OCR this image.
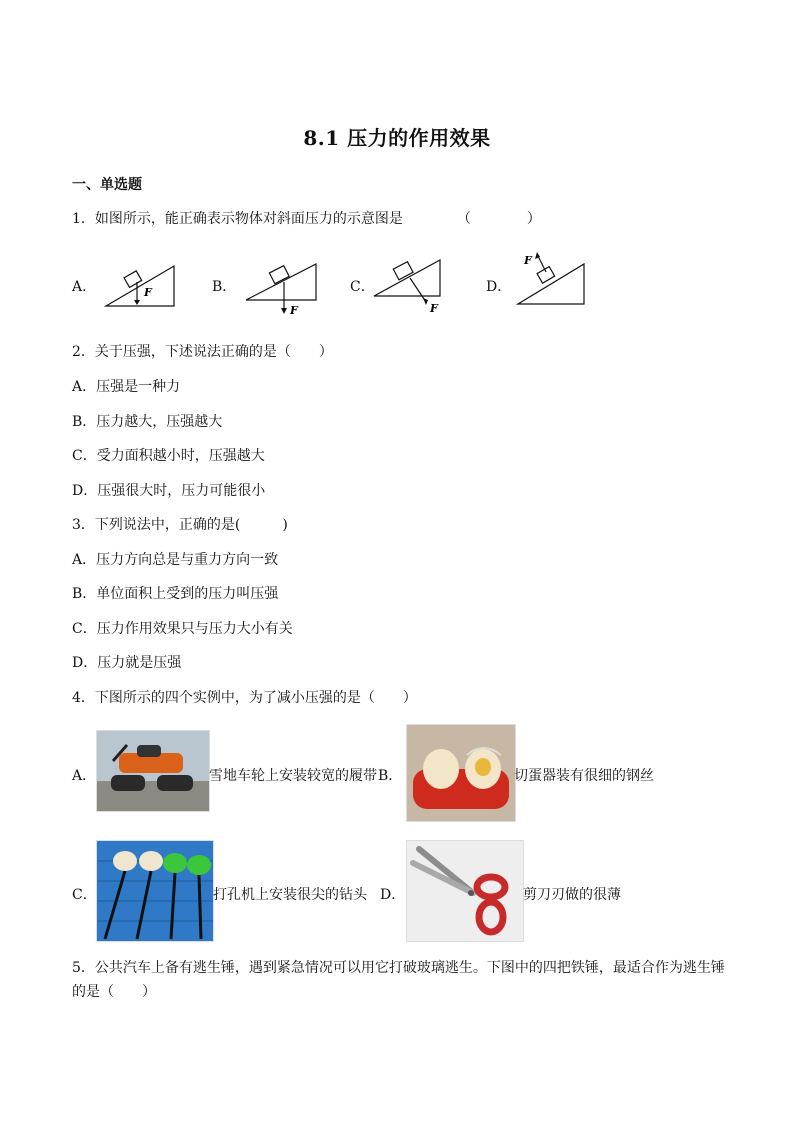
8.1 压力的作用效果
一、单选题
1．如图所示，能正确表示物体对斜面压力的示意图是	（　　　　）
A．	F	B．
F
C．
F
D．
F
2．关于压强，下述说法正确的是（　　）
A．压强是一种力
B．压力越大，压强越大
C．受力面积越小时，压强越大
D．压强很大时，压力可能很小
3．下列说法中，正确的是(　　　)
A．压力方向总是与重力方向一致
B．单位面积上受到的压力叫压强
C．压力作用效果只与压力大小有关
D．压力就是压强
4．下图所示的四个实例中，为了减小压强的是（　　）
A．	雪地车轮上安装较宽的履带 B．	切蛋器装有很细的钢丝
C．	打孔机上安装很尖的钻头 D．	剪刀刃做的很薄
5．公共汽车上备有逃生锤，遇到紧急情况可以用它打破玻璃逃生。下图中的四把铁锤，最适合作为逃生锤
的是（　　）
